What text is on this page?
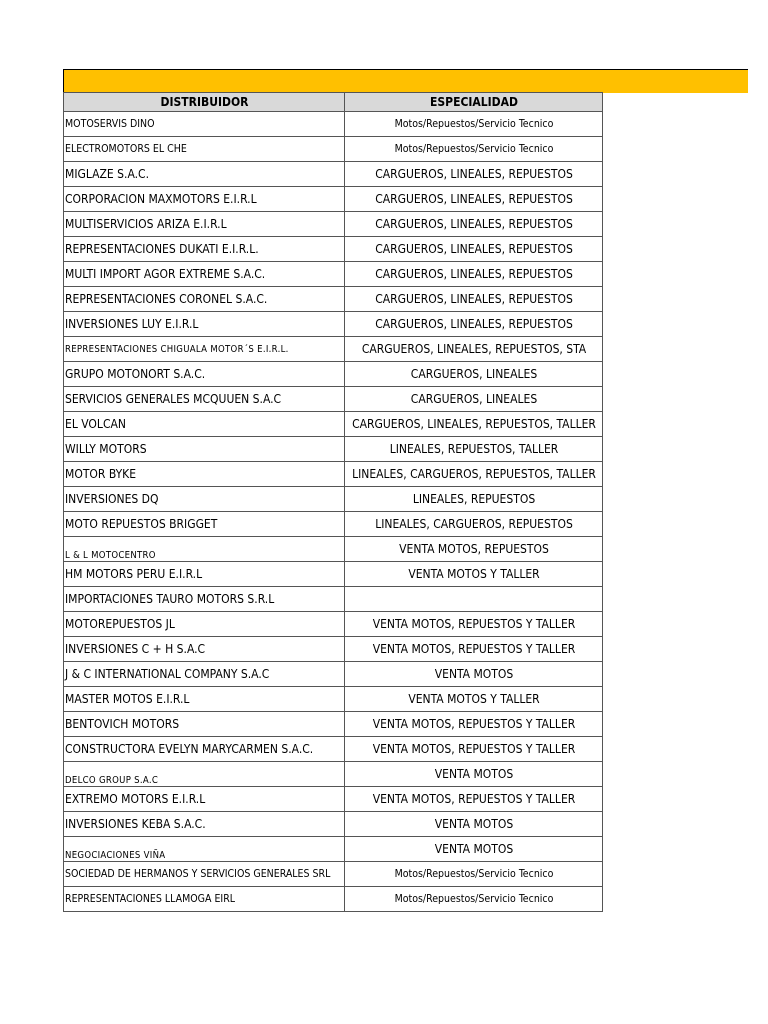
DISTRIBUIDOR	ESPECIALIDAD
MOTOSERVIS DINO	Motos/Repuestos/Servicio Tecnico
ELECTROMOTORS EL CHE	Motos/Repuestos/Servicio Tecnico
MIGLAZE S.A.C.	CARGUEROS, LINEALES, REPUESTOS
CORPORACION MAXMOTORS E.I.R.L	CARGUEROS, LINEALES, REPUESTOS
MULTISERVICIOS ARIZA E.I.R.L	CARGUEROS, LINEALES, REPUESTOS
REPRESENTACIONES DUKATI E.I.R.L.	CARGUEROS, LINEALES, REPUESTOS
MULTI IMPORT AGOR EXTREME S.A.C.	CARGUEROS, LINEALES, REPUESTOS
REPRESENTACIONES CORONEL S.A.C.	CARGUEROS, LINEALES, REPUESTOS
INVERSIONES LUY E.I.R.L	CARGUEROS, LINEALES, REPUESTOS
REPRESENTACIONES CHIGUALA MOTOR´S E.I.R.L.	CARGUEROS, LINEALES, REPUESTOS, STA
GRUPO MOTONORT S.A.C.	CARGUEROS, LINEALES
SERVICIOS GENERALES MCQUUEN S.A.C	CARGUEROS, LINEALES
EL VOLCAN	CARGUEROS, LINEALES, REPUESTOS, TALLER
WILLY MOTORS	LINEALES, REPUESTOS, TALLER
MOTOR BYKE	LINEALES, CARGUEROS, REPUESTOS, TALLER
INVERSIONES DQ	LINEALES, REPUESTOS
MOTO REPUESTOS BRIGGET	LINEALES, CARGUEROS, REPUESTOS
L & L MOTOCENTRO	VENTA MOTOS, REPUESTOS
HM MOTORS PERU E.I.R.L	VENTA MOTOS Y TALLER
IMPORTACIONES TAURO MOTORS S.R.L	
MOTOREPUESTOS JL	VENTA MOTOS, REPUESTOS Y TALLER
INVERSIONES C + H S.A.C	VENTA MOTOS, REPUESTOS Y TALLER
J & C INTERNATIONAL COMPANY S.A.C	VENTA MOTOS
MASTER MOTOS E.I.R.L	VENTA MOTOS Y TALLER
BENTOVICH MOTORS	VENTA MOTOS, REPUESTOS Y TALLER
CONSTRUCTORA EVELYN MARYCARMEN S.A.C.	VENTA MOTOS, REPUESTOS Y TALLER
DELCO GROUP S.A.C	VENTA MOTOS
EXTREMO MOTORS E.I.R.L	VENTA MOTOS, REPUESTOS Y TALLER
INVERSIONES KEBA S.A.C.	VENTA MOTOS
NEGOCIACIONES VIÑA	VENTA MOTOS
SOCIEDAD DE HERMANOS Y SERVICIOS GENERALES SRL	Motos/Repuestos/Servicio Tecnico
REPRESENTACIONES LLAMOGA EIRL	Motos/Repuestos/Servicio Tecnico
